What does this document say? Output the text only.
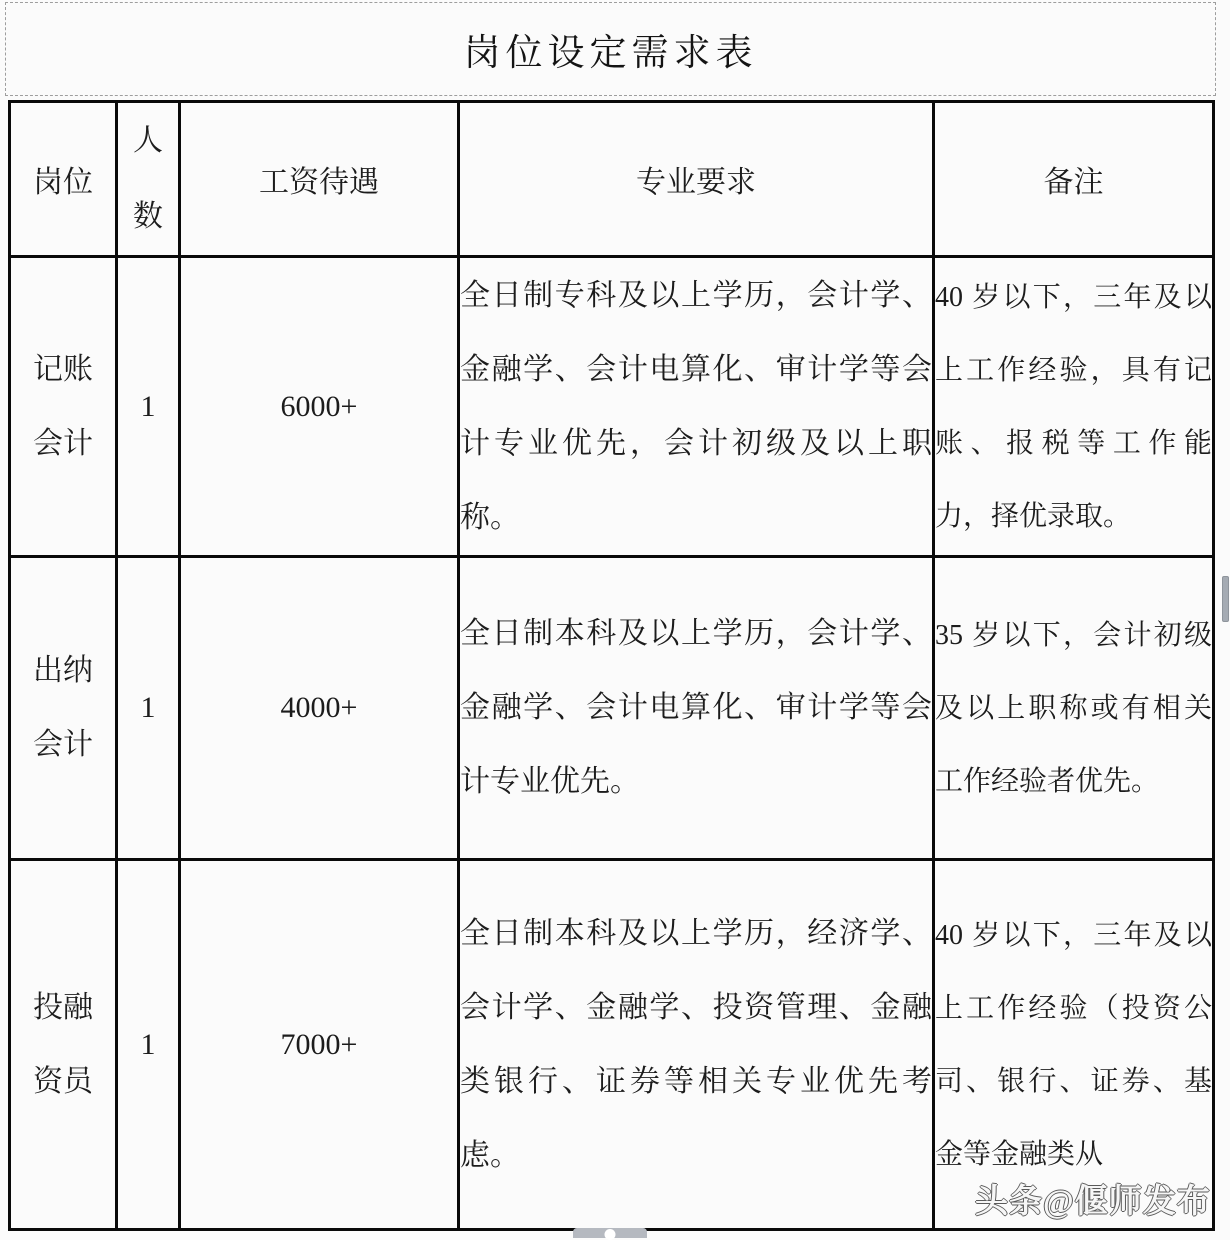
岗位设定需求表
岗位	人数	工资待遇	专业要求	备注

记账会计	1	6000+	全日制专科及以上学历，会计学、金融学、会计电算化、审计学等会计专业优先，会计初级及以上职称。	40 岁以下，三年及以上工作经验，具有记账、报税等工作能力，择优录取。

出纳会计	1	4000+	全日制本科及以上学历，会计学、金融学、会计电算化、审计学等会计专业优先。	35 岁以下，会计初级及以上职称或有相关工作经验者优先。

投融资员	1	7000+	全日制本科及以上学历，经济学、会计学、金融学、投资管理、金融类银行、证券等相关专业优先考虑。	40 岁以下，三年及以上工作经验（投资公司、银行、证券、基金等金融类从
头条@偃师发布
